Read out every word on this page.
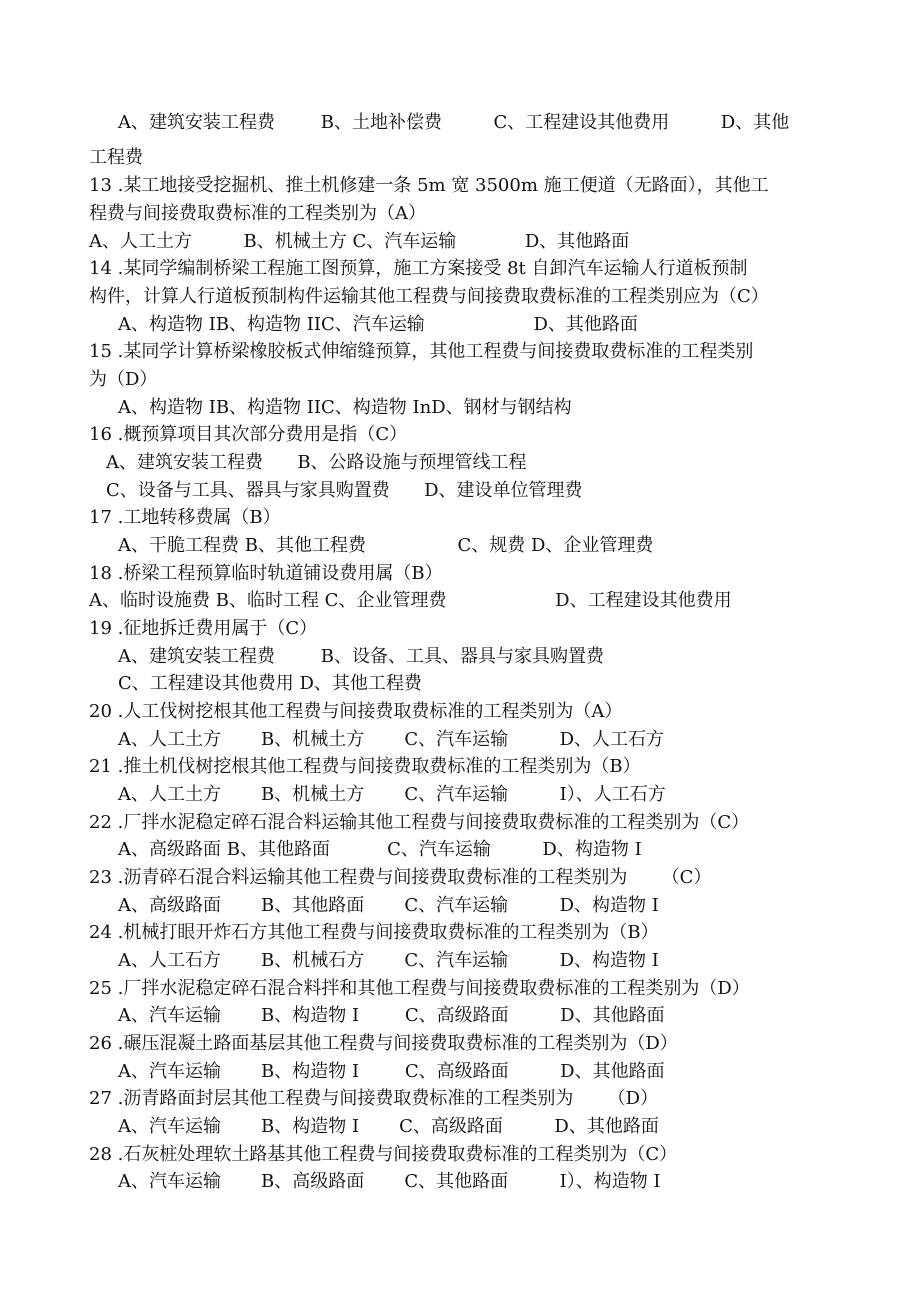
A、建筑安装工程费        B、土地补偿费         C、工程建设其他费用         D、其他
工程费
13 .某工地接受挖掘机、推土机修建一条 5m 宽 3500m 施工便道（无路面），其他工
程费与间接费取费标准的工程类别为（A）
A、人工土方         B、机械土方 C、汽车运输            D、其他路面
14 .某同学编制桥梁工程施工图预算，施工方案接受 8t 自卸汽车运输人行道板预制
构件，计算人行道板预制构件运输其他工程费与间接费取费标准的工程类别应为（C）
A、构造物 IB、构造物 IIC、汽车运输                   D、其他路面
15 .某同学计算桥梁橡胶板式伸缩缝预算，其他工程费与间接费取费标准的工程类别
为（D）
A、构造物 IB、构造物 IIC、构造物 InD、钢材与钢结构
16 .概预算项目其次部分费用是指（C）
A、建筑安装工程费      B、公路设施与预埋管线工程
C、设备与工具、器具与家具购置费      D、建设单位管理费
17 .工地转移费属（B）
A、干脆工程费 B、其他工程费                C、规费 D、企业管理费
18 .桥梁工程预算临时轨道铺设费用属（B）
A、临时设施费 B、临时工程 C、企业管理费                   D、工程建设其他费用
19 .征地拆迁费用属于（C）
A、建筑安装工程费        B、设备、工具、器具与家具购置费
C、工程建设其他费用 D、其他工程费
20 .人工伐树挖根其他工程费与间接费取费标准的工程类别为（A）
A、人工土方       B、机械土方       C、汽车运输         D、人工石方
21 .推土机伐树挖根其他工程费与间接费取费标准的工程类别为（B）
A、人工土方       B、机械土方       C、汽车运输         I）、人工石方
22 .厂拌水泥稳定碎石混合料运输其他工程费与间接费取费标准的工程类别为（C）
A、高级路面 B、其他路面          C、汽车运输         D、构造物 I
23 .沥青碎石混合料运输其他工程费与间接费取费标准的工程类别为      （C）
A、高级路面       B、其他路面       C、汽车运输         D、构造物 I
24 .机械打眼开炸石方其他工程费与间接费取费标准的工程类别为（B）
A、人工石方       B、机械石方       C、汽车运输         D、构造物 I
25 .厂拌水泥稳定碎石混合料拌和其他工程费与间接费取费标准的工程类别为（D）
A、汽车运输       B、构造物 I        C、高级路面         D、其他路面
26 .碾压混凝土路面基层其他工程费与间接费取费标准的工程类别为（D）
A、汽车运输       B、构造物 I        C、高级路面         D、其他路面
27 .沥青路面封层其他工程费与间接费取费标准的工程类别为      （D）
A、汽车运输       B、构造物 I       C、高级路面         D、其他路面
28 .石灰桩处理软土路基其他工程费与间接费取费标准的工程类别为（C）
A、汽车运输       B、高级路面       C、其他路面         I）、构造物 I
